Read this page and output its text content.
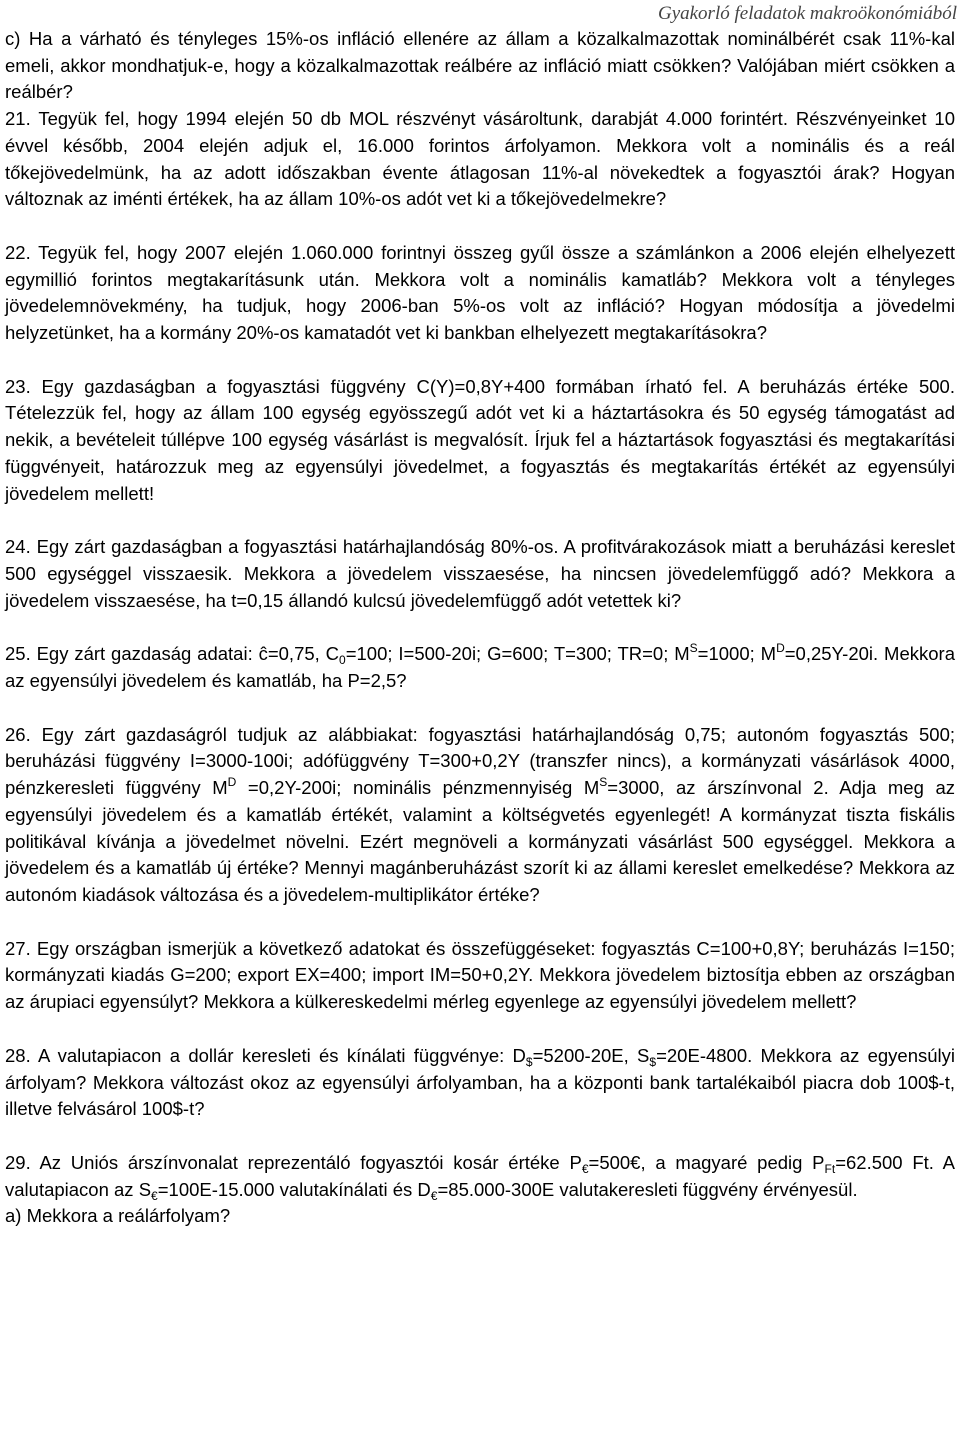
Gyakorló feladatok makroökonómiából

c) Ha a várható és tényleges 15%-os infláció ellenére az állam a közalkalmazottak nominálbérét csak 11%-kal emeli, akkor mondhatjuk-e, hogy a közalkalmazottak reálbére az infláció miatt csökken? Valójában miért csökken a reálbér?

21. Tegyük fel, hogy 1994 elején 50 db MOL részvényt vásároltunk, darabját 4.000 forintért. Részvényeinket 10 évvel később, 2004 elején adjuk el, 16.000 forintos árfolyamon. Mekkora volt a nominális és a reál tőkejövedelmünk, ha az adott időszakban évente átlagosan 11%-al növekedtek a fogyasztói árak? Hogyan változnak az iménti értékek, ha az állam 10%-os adót vet ki a tőkejövedelmekre?

22. Tegyük fel, hogy 2007 elején 1.060.000 forintnyi összeg gyűl össze a számlánkon a 2006 elején elhelyezett egymillió forintos megtakarításunk után. Mekkora volt a nominális kamatláb? Mekkora volt a tényleges jövedelemnövekmény, ha tudjuk, hogy 2006-ban 5%-os volt az infláció? Hogyan módosítja a jövedelmi helyzetünket, ha a kormány 20%-os kamatadót vet ki bankban elhelyezett megtakarításokra?

23. Egy gazdaságban a fogyasztási függvény C(Y)=0,8Y+400 formában írható fel. A beruházás értéke 500. Tételezzük fel, hogy az állam 100 egység egyösszegű adót vet ki a háztartásokra és 50 egység támogatást ad nekik, a bevételeit túllépve 100 egység vásárlást is megvalósít. Írjuk fel a háztartások fogyasztási és megtakarítási függvényeit, határozzuk meg az egyensúlyi jövedelmet, a fogyasztás és megtakarítás értékét az egyensúlyi jövedelem mellett!

24. Egy zárt gazdaságban a fogyasztási határhajlandóság 80%-os. A profitvárakozások miatt a beruházási kereslet 500 egységgel visszaesik. Mekkora a jövedelem visszaesése, ha nincsen jövedelemfüggő adó? Mekkora a jövedelem visszaesése, ha t=0,15 állandó kulcsú jövedelemfüggő adót vetettek ki?

25. Egy zárt gazdaság adatai: ĉ=0,75, $C_0=100$; I=500-20i; G=600; T=300; TR=0; $M^S=1000$; $M^D=0,25Y-20i$. Mekkora az egyensúlyi jövedelem és kamatláb, ha P=2,5?

26. Egy zárt gazdaságról tudjuk az alábbiakat: fogyasztási határhajlandóság 0,75; autonóm fogyasztás 500; beruházási függvény I=3000-100i; adófüggvény T=300+0,2Y (transzfer nincs), a kormányzati vásárlások 4000, pénzkeresleti függvény $M^D =0,2Y-200i$; nominális pénzmennyiség $M^S=3000$, az árszínvonal 2. Adja meg az egyensúlyi jövedelem és a kamatláb értékét, valamint a költségvetés egyenlegét! A kormányzat tiszta fiskális politikával kívánja a jövedelmet növelni. Ezért megnöveli a kormányzati vásárlást 500 egységgel. Mekkora a jövedelem és a kamatláb új értéke? Mennyi magánberuházást szorít ki az állami kereslet emelkedése? Mekkora az autonóm kiadások változása és a jövedelem-multiplikátor értéke?

27. Egy országban ismerjük a következő adatokat és összefüggéseket: fogyasztás C=100+0,8Y; beruházás I=150; kormányzati kiadás G=200; export EX=400; import IM=50+0,2Y. Mekkora jövedelem biztosítja ebben az országban az árupiaci egyensúlyt? Mekkora a külkereskedelmi mérleg egyenlege az egyensúlyi jövedelem mellett?

28. A valutapiacon a dollár keresleti és kínálati függvénye: $D_{\$}=5200-20E$, $S_{\$}=20E-4800$. Mekkora az egyensúlyi árfolyam? Mekkora változást okoz az egyensúlyi árfolyamban, ha a központi bank tartalékaiból piacra dob 100$-t, illetve felvásárol 100$-t?

29. Az Uniós árszínvonalat reprezentáló fogyasztói kosár értéke $P_€=500€$, a magyaré pedig $P_{Ft}=62.500$ Ft. A valutapiacon az $S_€=100E-15.000$ valutakínálati és $D_€=85.000-300E$ valutakeresleti függvény érvényesül.

a) Mekkora a reálárfolyam?
